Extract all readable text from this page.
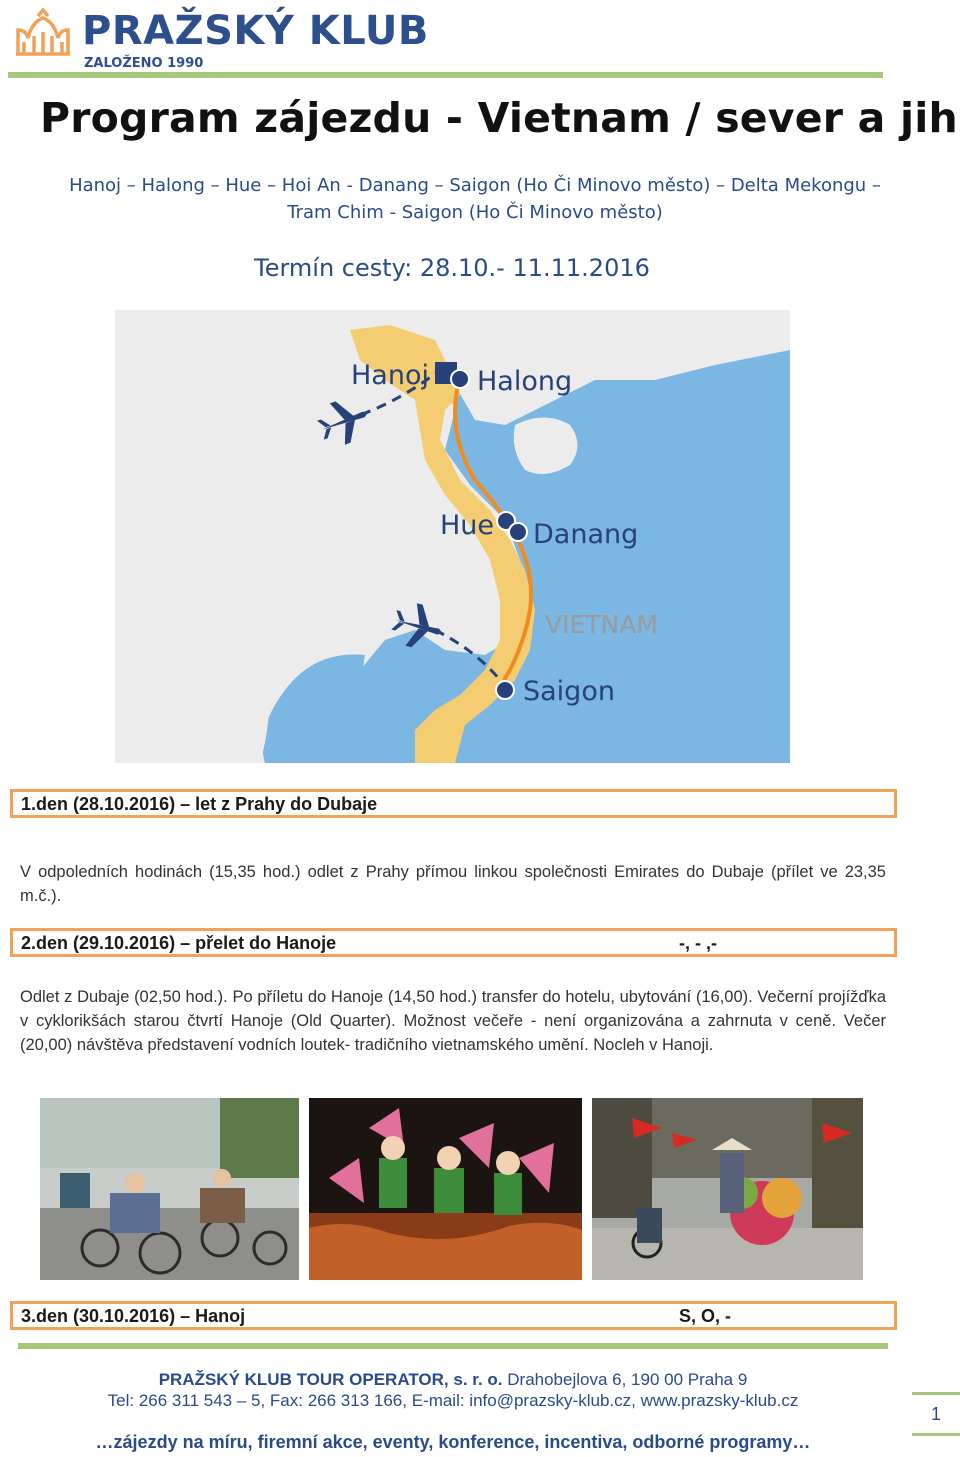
PRAŽSKÝ KLUB
ZALOŽENO 1990
Program zájezdu - Vietnam / sever a jih
Hanoj – Halong – Hue – Hoi An - Danang – Saigon (Ho Či Minovo město) – Delta Mekongu – Tram Chim - Saigon (Ho Či Minovo město)
Termín cesty: 28.10.- 11.11.2016
Hanoj Halong
Hue Danang
VIETNAM
Saigon
1.den (28.10.2016) – let z Prahy do Dubaje

V odpoledních hodinách (15,35 hod.) odlet z Prahy přímou linkou společnosti Emirates do Dubaje (přílet ve 23,35 m.č.).

2.den (29.10.2016) – přelet do Hanoje	-, - ,-

Odlet z Dubaje (02,50 hod.). Po příletu do Hanoje (14,50 hod.) transfer do hotelu, ubytování (16,00). Večerní projížďka v cyklorikšách starou čtvrtí Hanoje (Old Quarter). Možnost večeře - není organizována a zahrnuta v ceně. Večer (20,00) návštěva představení vodních loutek- tradičního vietnamského umění. Nocleh v Hanoji.

3.den (30.10.2016) – Hanoj	S, O, -
PRAŽSKÝ KLUB TOUR OPERATOR, s. r. o. Drahobejlova 6, 190 00 Praha 9
Tel: 266 311 543 – 5, Fax: 266 313 166, E-mail: info@prazsky-klub.cz, www.prazsky-klub.cz
…zájezdy na míru, firemní akce, eventy, konference, incentiva, odborné programy…
1
